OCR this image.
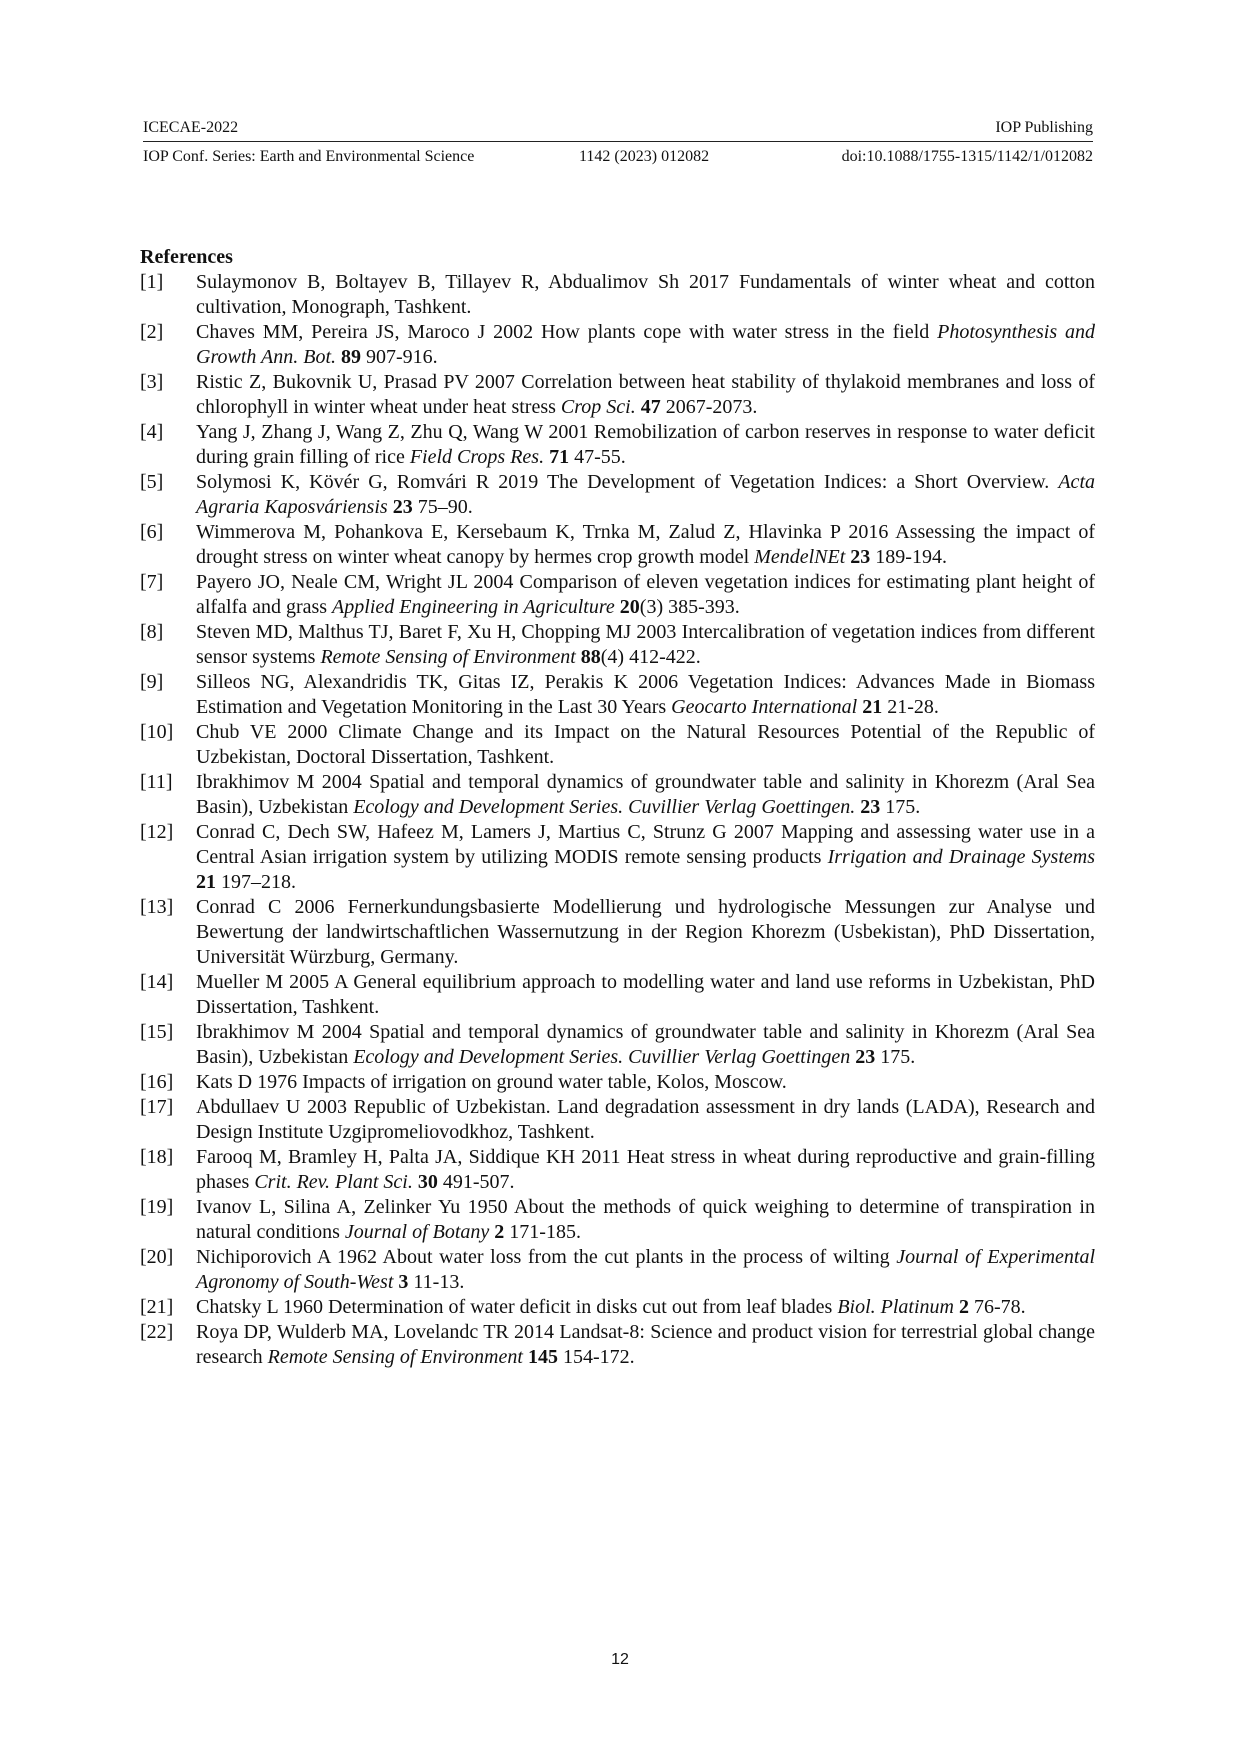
ICECAE-2022	IOP Publishing
IOP Conf. Series: Earth and Environmental Science	1142 (2023) 012082	doi:10.1088/1755-1315/1142/1/012082
References
[1]	Sulaymonov B, Boltayev B, Tillayev R, Abdualimov Sh 2017 Fundamentals of winter wheat and cotton cultivation, Monograph, Tashkent.
[2]	Chaves MM, Pereira JS, Maroco J 2002 How plants cope with water stress in the field Photosynthesis and Growth Ann. Bot. 89 907-916.
[3]	Ristic Z, Bukovnik U, Prasad PV 2007 Correlation between heat stability of thylakoid membranes and loss of chlorophyll in winter wheat under heat stress Crop Sci. 47 2067-2073.
[4]	Yang J, Zhang J, Wang Z, Zhu Q, Wang W 2001 Remobilization of carbon reserves in response to water deficit during grain filling of rice Field Crops Res. 71 47-55.
[5]	Solymosi K, Kövér G, Romvári R 2019 The Development of Vegetation Indices: a Short Overview. Acta Agraria Kaposváriensis 23 75–90.
[6]	Wimmerova M, Pohankova E, Kersebaum K, Trnka M, Zalud Z, Hlavinka P 2016 Assessing the impact of drought stress on winter wheat canopy by hermes crop growth model MendelNEt 23 189-194.
[7]	Payero JO, Neale CM, Wright JL 2004 Comparison of eleven vegetation indices for estimating plant height of alfalfa and grass Applied Engineering in Agriculture 20(3) 385-393.
[8]	Steven MD, Malthus TJ, Baret F, Xu H, Chopping MJ 2003 Intercalibration of vegetation indices from different sensor systems Remote Sensing of Environment 88(4) 412-422.
[9]	Silleos NG, Alexandridis TK, Gitas IZ, Perakis K 2006 Vegetation Indices: Advances Made in Biomass Estimation and Vegetation Monitoring in the Last 30 Years Geocarto International 21 21-28.
[10]	Chub VE 2000 Climate Change and its Impact on the Natural Resources Potential of the Republic of Uzbekistan, Doctoral Dissertation, Tashkent.
[11]	Ibrakhimov M 2004 Spatial and temporal dynamics of groundwater table and salinity in Khorezm (Aral Sea Basin), Uzbekistan Ecology and Development Series. Cuvillier Verlag Goettingen. 23 175.
[12]	Conrad C, Dech SW, Hafeez M, Lamers J, Martius C, Strunz G 2007 Mapping and assessing water use in a Central Asian irrigation system by utilizing MODIS remote sensing products Irrigation and Drainage Systems 21 197–218.
[13]	Conrad C 2006 Fernerkundungsbasierte Modellierung und hydrologische Messungen zur Analyse und Bewertung der landwirtschaftlichen Wassernutzung in der Region Khorezm (Usbekistan), PhD Dissertation, Universität Würzburg, Germany.
[14]	Mueller M 2005 A General equilibrium approach to modelling water and land use reforms in Uzbekistan, PhD Dissertation, Tashkent.
[15]	Ibrakhimov M 2004 Spatial and temporal dynamics of groundwater table and salinity in Khorezm (Aral Sea Basin), Uzbekistan Ecology and Development Series. Cuvillier Verlag Goettingen 23 175.
[16]	Kats D 1976 Impacts of irrigation on ground water table, Kolos, Moscow.
[17]	Abdullaev U 2003 Republic of Uzbekistan. Land degradation assessment in dry lands (LADA), Research and Design Institute Uzgipromeliovodkhoz, Tashkent.
[18]	Farooq M, Bramley H, Palta JA, Siddique KH 2011 Heat stress in wheat during reproductive and grain-filling phases Crit. Rev. Plant Sci. 30 491-507.
[19]	Ivanov L, Silina A, Zelinker Yu 1950 About the methods of quick weighing to determine of transpiration in natural conditions Journal of Botany 2 171-185.
[20]	Nichiporovich A 1962 About water loss from the cut plants in the process of wilting Journal of Experimental Agronomy of South-West 3 11-13.
[21]	Chatsky L 1960 Determination of water deficit in disks cut out from leaf blades Biol. Platinum 2 76-78.
[22]	Roya DP, Wulderb MA, Lovelandc TR 2014 Landsat-8: Science and product vision for terrestrial global change research Remote Sensing of Environment 145 154-172.
12
